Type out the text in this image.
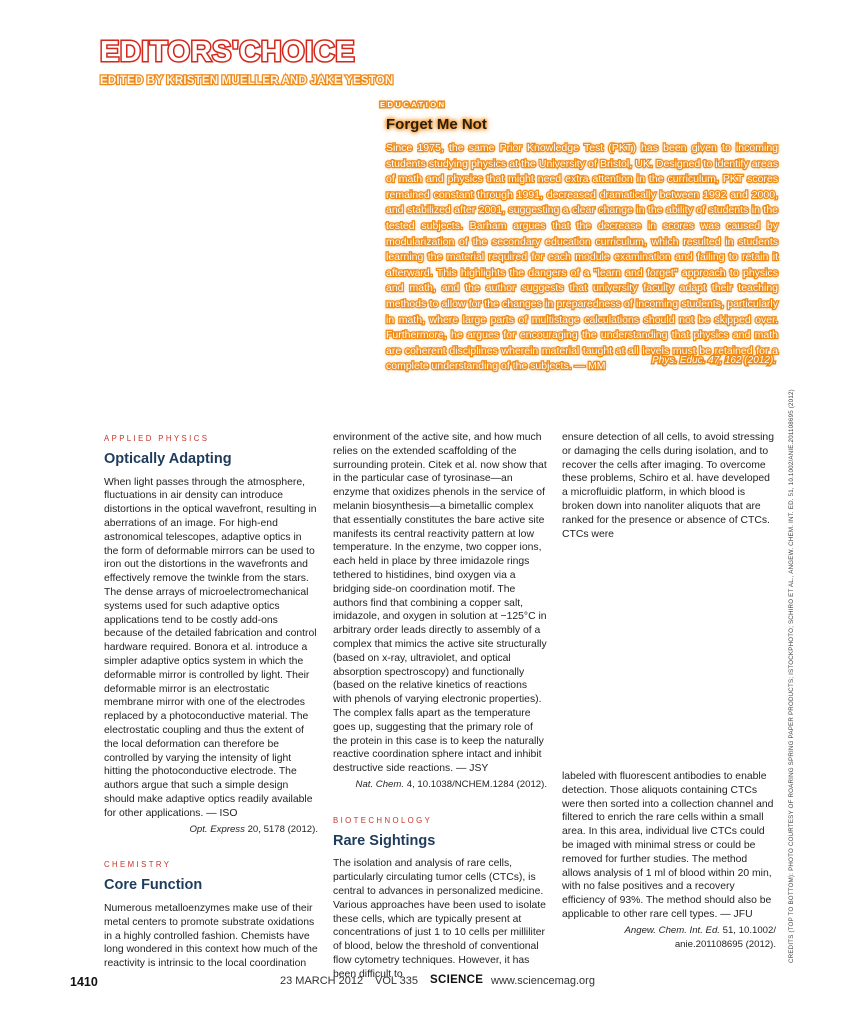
EDITORS'CHOICE
EDITED BY KRISTEN MUELLER AND JAKE YESTON
EDUCATION
Forget Me Not
Since 1975, the same Prior Knowledge Test (PKT) has been given to incoming students studying physics at the University of Bristol, UK. Designed to identify areas of math and physics that might need extra attention in the curriculum, PKT scores remained constant through 1991, decreased dramatically between 1992 and 2000, and stabilized after 2001, suggesting a clear change in the ability of students in the tested subjects. Barham argues that the decrease in scores was caused by modularization of the secondary education curriculum, which resulted in students learning the material required for each module examination and failing to retain it afterward. This highlights the dangers of a "learn and forget" approach to physics and math, and the author suggests that university faculty adapt their teaching methods to allow for the changes in preparedness of incoming students, particularly in math, where large parts of multistage calculations should not be skipped over. Furthermore, he argues for encouraging the understanding that physics and math are coherent disciplines wherein material taught at all levels must be retained for a complete understanding of the subjects. — MM	Phys. Educ. 47, 162 (2012).
APPLIED PHYSICS
Optically Adapting

When light passes through the atmosphere, fluctuations in air density can introduce distortions in the optical wavefront, resulting in aberrations of an image. For high-end astronomical telescopes, adaptive optics in the form of deformable mirrors can be used to iron out the distortions in the wavefronts and effectively remove the twinkle from the stars. The dense arrays of microelectromechanical systems used for such adaptive optics applications tend to be costly add-ons because of the detailed fabrication and control hardware required. Bonora et al. introduce a simpler adaptive optics system in which the deformable mirror is controlled by light. Their deformable mirror is an electrostatic membrane mirror with one of the electrodes replaced by a photoconductive material. The electrostatic coupling and thus the extent of the local deformation can therefore be controlled by varying the intensity of light hitting the photoconductive electrode. The authors argue that such a simple design should make adaptive optics readily available for other applications. — ISO

Opt. Express 20, 5178 (2012).
CHEMISTRY
Core Function

Numerous metalloenzymes make use of their metal centers to promote substrate oxidations in a highly controlled fashion. Chemists have long wondered in this context how much of the reactivity is intrinsic to the local coordination

environment of the active site, and how much relies on the extended scaffolding of the surrounding protein. Citek et al. now show that in the particular case of tyrosinase—an enzyme that oxidizes phenols in the service of melanin biosynthesis—a bimetallic complex that essentially constitutes the bare active site manifests its central reactivity pattern at low temperature. In the enzyme, two copper ions, each held in place by three imidazole rings tethered to histidines, bind oxygen via a bridging side-on coordination motif. The authors find that combining a copper salt, imidazole, and oxygen in solution at −125°C in arbitrary order leads directly to assembly of a complex that mimics the active site structurally (based on x-ray, ultraviolet, and optical absorption spectroscopy) and functionally (based on the relative kinetics of reactions with phenols of varying electronic properties). The complex falls apart as the temperature goes up, suggesting that the primary role of the protein in this case is to keep the naturally reactive coordination sphere intact and inhibit destructive side reactions. — JSY

Nat. Chem. 4, 10.1038/NCHEM.1284 (2012).
BIOTECHNOLOGY
Rare Sightings

The isolation and analysis of rare cells, particularly circulating tumor cells (CTCs), is central to advances in personalized medicine. Various approaches have been used to isolate these cells, which are typically present at concentrations of just 1 to 10 cells per milliliter of blood, below the threshold of conventional flow cytometry techniques. However, it has been difficult to

ensure detection of all cells, to avoid stressing or damaging the cells during isolation, and to recover the cells after imaging. To overcome these problems, Schiro et al. have developed a microfluidic platform, in which blood is broken down into nanoliter aliquots that are ranked for the presence or absence of CTCs. CTCs were

labeled with fluorescent antibodies to enable detection. Those aliquots containing CTCs were then sorted into a collection channel and filtered to enrich the rare cells within a small area. In this area, individual live CTCs could be imaged with minimal stress or could be removed for further studies. The method allows analysis of 1 ml of blood within 20 min, with no false positives and a recovery efficiency of 93%. The method should also be applicable to other rare cell types. — JFU

Angew. Chem. Int. Ed. 51, 10.1002/
anie.201108695 (2012). CREDITS (TOP TO BOTTOM): PHOTO COURTESY OF ROARING SPRING PAPER PRODUCTS; ISTOCKPHOTO; SCHIRO ET AL., ANGEW. CHEM. INT. ED. 51, 10.1002/ANIE.201108695 (2012)
1410	23 MARCH 2012 VOL 335 SCIENCE www.sciencemag.org
